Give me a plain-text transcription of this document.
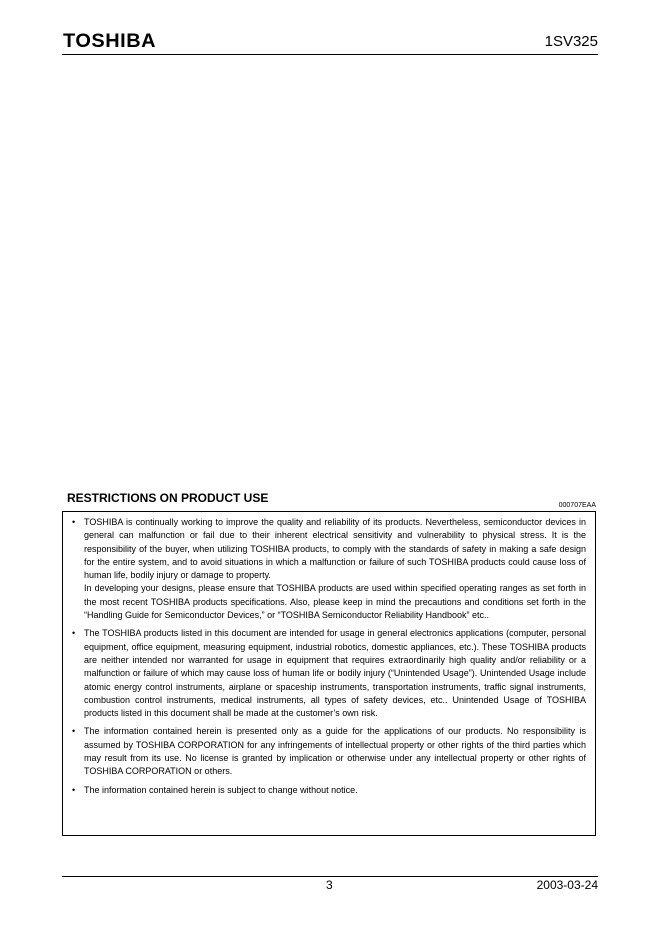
TOSHIBA	1SV325
RESTRICTIONS ON PRODUCT USE
000707EAA
• TOSHIBA is continually working to improve the quality and reliability of its products. Nevertheless, semiconductor devices in general can malfunction or fail due to their inherent electrical sensitivity and vulnerability to physical stress. It is the responsibility of the buyer, when utilizing TOSHIBA products, to comply with the standards of safety in making a safe design for the entire system, and to avoid situations in which a malfunction or failure of such TOSHIBA products could cause loss of human life, bodily injury or damage to property.

In developing your designs, please ensure that TOSHIBA products are used within specified operating ranges as set forth in the most recent TOSHIBA products specifications. Also, please keep in mind the precautions and conditions set forth in the “Handling Guide for Semiconductor Devices,” or “TOSHIBA Semiconductor Reliability Handbook” etc..

• The TOSHIBA products listed in this document are intended for usage in general electronics applications (computer, personal equipment, office equipment, measuring equipment, industrial robotics, domestic appliances, etc.). These TOSHIBA products are neither intended nor warranted for usage in equipment that requires extraordinarily high quality and/or reliability or a malfunction or failure of which may cause loss of human life or bodily injury (“Unintended Usage”). Unintended Usage include atomic energy control instruments, airplane or spaceship instruments, transportation instruments, traffic signal instruments, combustion control instruments, medical instruments, all types of safety devices, etc.. Unintended Usage of TOSHIBA products listed in this document shall be made at the customer’s own risk.

• The information contained herein is presented only as a guide for the applications of our products. No responsibility is assumed by TOSHIBA CORPORATION for any infringements of intellectual property or other rights of the third parties which may result from its use. No license is granted by implication or otherwise under any intellectual property or other rights of TOSHIBA CORPORATION or others.

• The information contained herein is subject to change without notice.

3	2003-03-24
